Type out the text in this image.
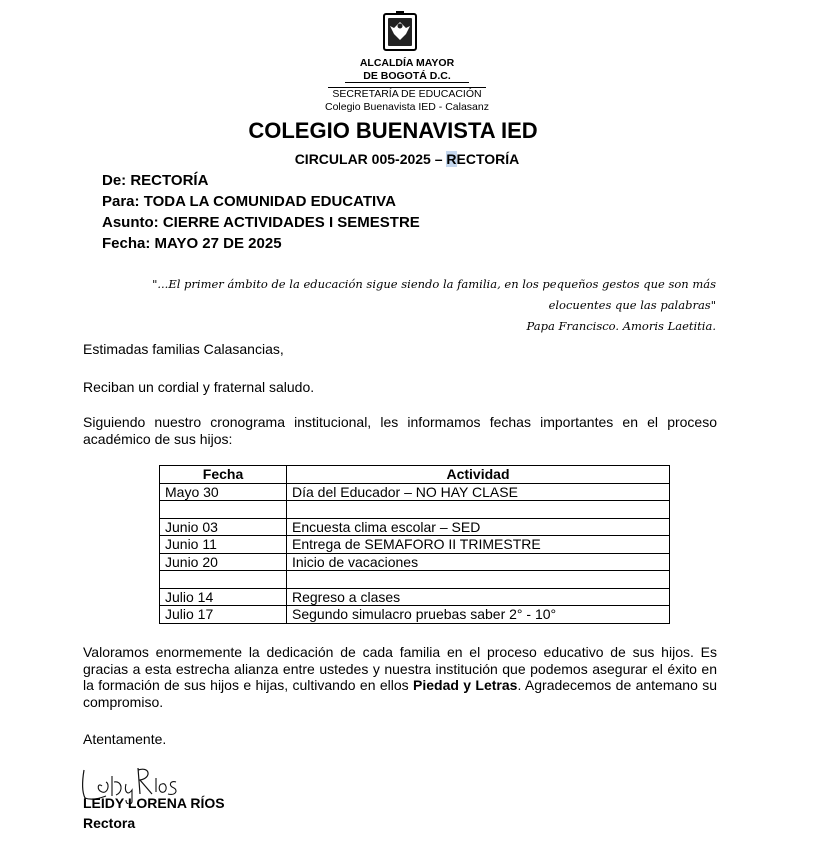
ALCALDÍA MAYOR
DE BOGOTÁ D.C.
SECRETARÍA DE EDUCACIÓN
Colegio Buenavista IED - Calasanz
COLEGIO BUENAVISTA IED
CIRCULAR 005-2025 – RECTORÍA
De: RECTORÍA
Para: TODA LA COMUNIDAD EDUCATIVA
Asunto: CIERRE ACTIVIDADES I SEMESTRE
Fecha: MAYO 27 DE 2025
"...El primer ámbito de la educación sigue siendo la familia, en los pequeños gestos que son más
elocuentes que las palabras"
Papa Francisco. Amoris Laetitia.
Estimadas familias Calasancias,
Reciban un cordial y fraternal saludo.
Siguiendo nuestro cronograma institucional, les informamos fechas importantes en el proceso académico de sus hijos:
Fecha	Actividad
Mayo 30	Día del Educador – NO HAY CLASE

Junio 03	Encuesta clima escolar – SED
Junio 11	Entrega de SEMAFORO II TRIMESTRE
Junio 20	Inicio de vacaciones

Julio 14	Regreso a clases
Julio 17	Segundo simulacro pruebas saber 2° - 10°
Valoramos enormemente la dedicación de cada familia en el proceso educativo de sus hijos. Es gracias a esta estrecha alianza entre ustedes y nuestra institución que podemos asegurar el éxito en la formación de sus hijos e hijas, cultivando en ellos Piedad y Letras. Agradecemos de antemano su compromiso.
Atentamente.
LEIDY LORENA RÍOS
Rectora
